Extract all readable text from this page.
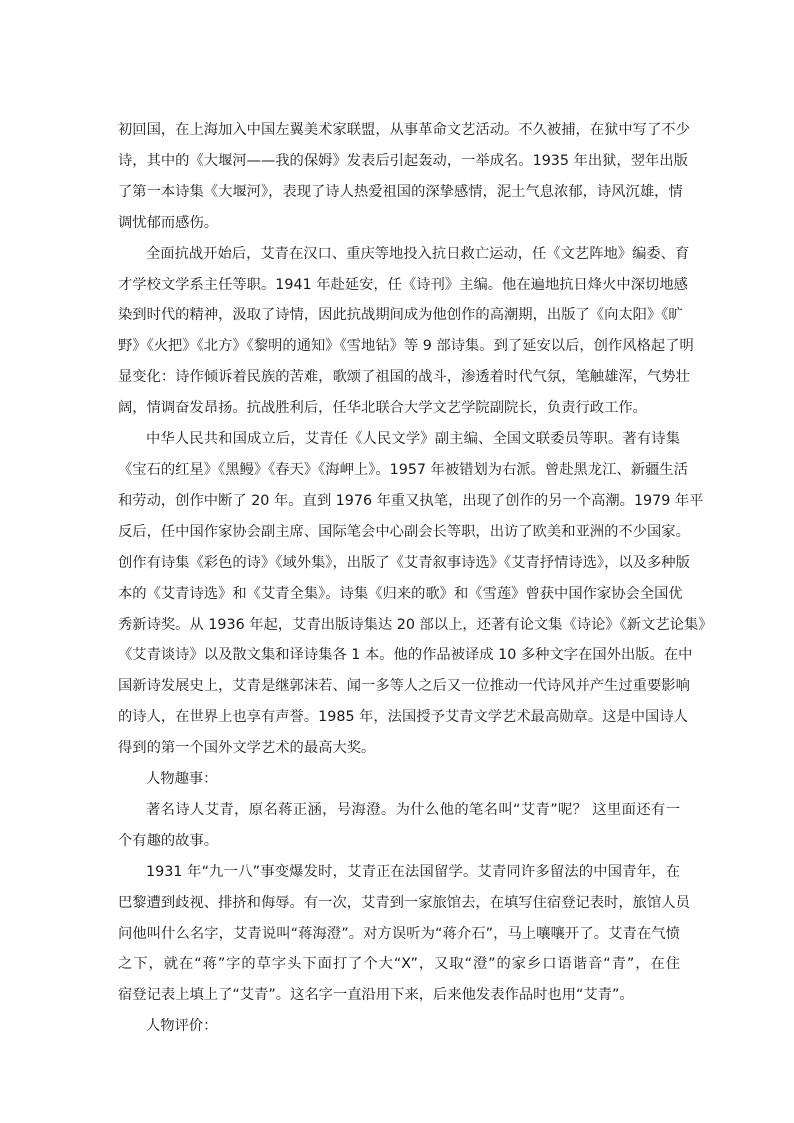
初回国，在上海加入中国左翼美术家联盟，从事革命文艺活动。不久被捕，在狱中写了不少
诗，其中的《大堰河——我的保姆》发表后引起轰动，一举成名。1935 年出狱，翌年出版
了第一本诗集《大堰河》，表现了诗人热爱祖国的深挚感情，泥土气息浓郁，诗风沉雄，情
调忧郁而感伤。

全面抗战开始后，艾青在汉口、重庆等地投入抗日救亡运动，任《文艺阵地》编委、育
才学校文学系主任等职。1941 年赴延安，任《诗刊》主编。他在遍地抗日烽火中深切地感
染到时代的精神，汲取了诗情，因此抗战期间成为他创作的高潮期，出版了《向太阳》《旷
野》《火把》《北方》《黎明的通知》《雪地钻》等 9 部诗集。到了延安以后，创作风格起了明
显变化：诗作倾诉着民族的苦难，歌颂了祖国的战斗，渗透着时代气氛，笔触雄浑，气势壮
阔，情调奋发昂扬。抗战胜利后，任华北联合大学文艺学院副院长，负责行政工作。

中华人民共和国成立后，艾青任《人民文学》副主编、全国文联委员等职。著有诗集
《宝石的红星》《黑鳗》《春天》《海岬上》。1957 年被错划为右派。曾赴黑龙江、新疆生活
和劳动，创作中断了 20 年。直到 1976 年重又执笔，出现了创作的另一个高潮。1979 年平
反后，任中国作家协会副主席、国际笔会中心副会长等职，出访了欧美和亚洲的不少国家。
创作有诗集《彩色的诗》《域外集》，出版了《艾青叙事诗选》《艾青抒情诗选》，以及多种版
本的《艾青诗选》和《艾青全集》。诗集《归来的歌》和《雪莲》曾获中国作家协会全国优
秀新诗奖。从 1936 年起，艾青出版诗集达 20 部以上，还著有论文集《诗论》《新文艺论集》
《艾青谈诗》以及散文集和译诗集各 1 本。他的作品被译成 10 多种文字在国外出版。在中
国新诗发展史上，艾青是继郭沫若、闻一多等人之后又一位推动一代诗风并产生过重要影响
的诗人，在世界上也享有声誉。1985 年，法国授予艾青文学艺术最高勋章。这是中国诗人
得到的第一个国外文学艺术的最高大奖。

人物趣事：

著名诗人艾青，原名蒋正涵，号海澄。为什么他的笔名叫“艾青”呢？ 这里面还有一
个有趣的故事。

1931 年“九一八”事变爆发时，艾青正在法国留学。艾青同许多留法的中国青年，在
巴黎遭到歧视、排挤和侮辱。有一次，艾青到一家旅馆去，在填写住宿登记表时，旅馆人员
问他叫什么名字，艾青说叫“蒋海澄”。对方误听为“蒋介石”，马上嚷嚷开了。艾青在气愤
之下，就在“蒋”字的草字头下面打了个大“X”，又取“澄”的家乡口语谐音“青”，在住
宿登记表上填上了“艾青”。这名字一直沿用下来，后来他发表作品时也用“艾青”。

人物评价：
